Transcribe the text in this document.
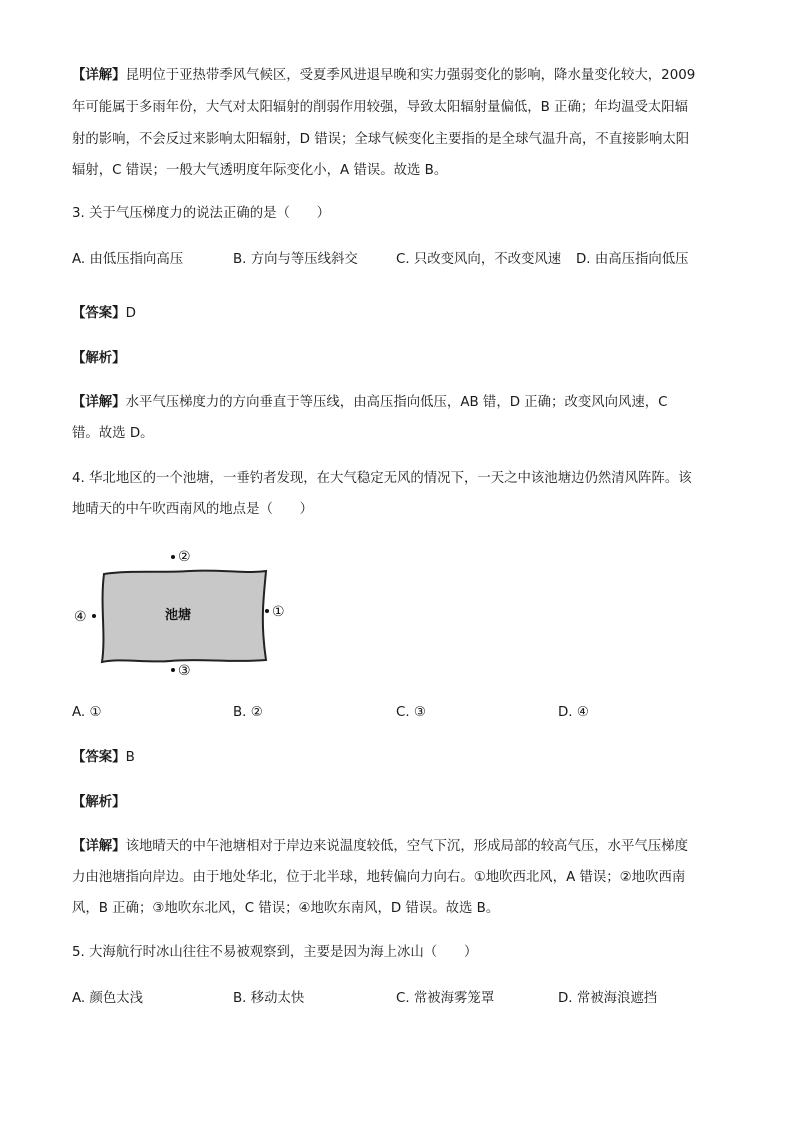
【详解】昆明位于亚热带季风气候区，受夏季风进退早晚和实力强弱变化的影响，降水量变化较大，2009
年可能属于多雨年份，大气对太阳辐射的削弱作用较强，导致太阳辐射量偏低，B 正确；年均温受太阳辐
射的影响，不会反过来影响太阳辐射，D 错误；全球气候变化主要指的是全球气温升高，不直接影响太阳
辐射，C 错误；一般大气透明度年际变化小，A 错误。故选 B。
3. 关于气压梯度力的说法正确的是（　　）
A. 由低压指向高压	B. 方向与等压线斜交	C. 只改变风向，不改变风速 D. 由高压指向低压
【答案】D
【解析】
【详解】水平气压梯度力的方向垂直于等压线，由高压指向低压，AB 错，D 正确；改变风向风速，C
错。故选 D。
4. 华北地区的一个池塘，一垂钓者发现，在大气稳定无风的情况下，一天之中该池塘边仍然清风阵阵。该
地晴天的中午吹西南风的地点是（　　）
池塘
②
①
④
③
A. ①	B. ②	C. ③	D. ④
【答案】B
【解析】
【详解】该地晴天的中午池塘相对于岸边来说温度较低，空气下沉，形成局部的较高气压，水平气压梯度
力由池塘指向岸边。由于地处华北，位于北半球，地转偏向力向右。①地吹西北风，A 错误；②地吹西南
风，B 正确；③地吹东北风，C 错误；④地吹东南风，D 错误。故选 B。
5. 大海航行时冰山往往不易被观察到，主要是因为海上冰山（　　）
A. 颜色太浅	B. 移动太快	C. 常被海雾笼罩	D. 常被海浪遮挡
